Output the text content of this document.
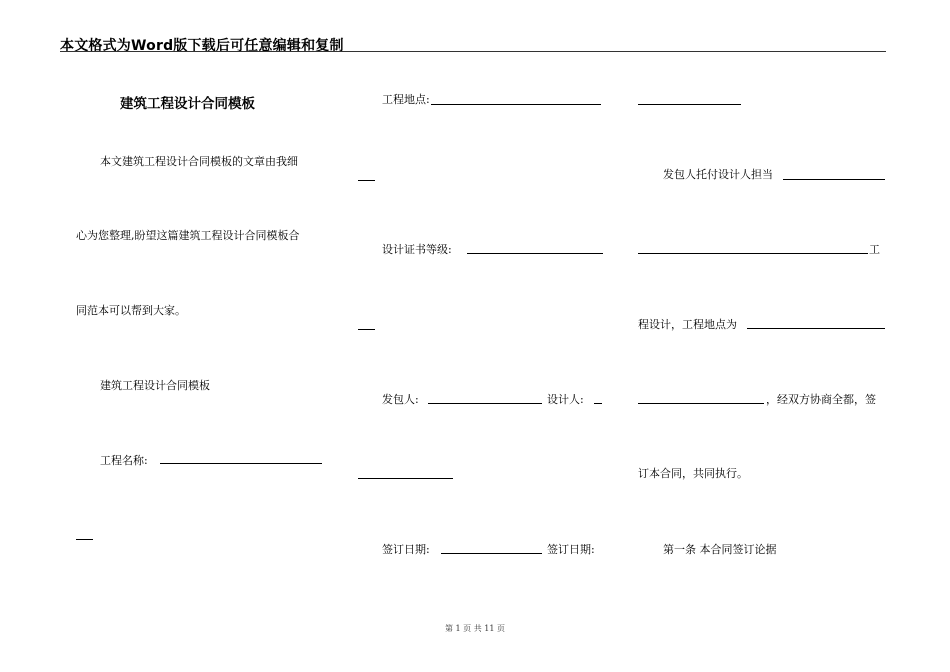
本文格式为Word版下载后可任意编辑和复制
建筑工程设计合同模板
本文建筑工程设计合同模板的文章由我细
心为您整理,盼望这篇建筑工程设计合同模板合
同范本可以帮到大家。
建筑工程设计合同模板
工程名称:
工程地点:
设计证书等级:
发包人:	设计人:
签订日期:	签订日期:
发包人托付设计人担当
工
程设计，工程地点为
，经双方协商全都，签
订本合同，共同执行。
第一条 本合同签订论据
第 1 页 共 11 页
